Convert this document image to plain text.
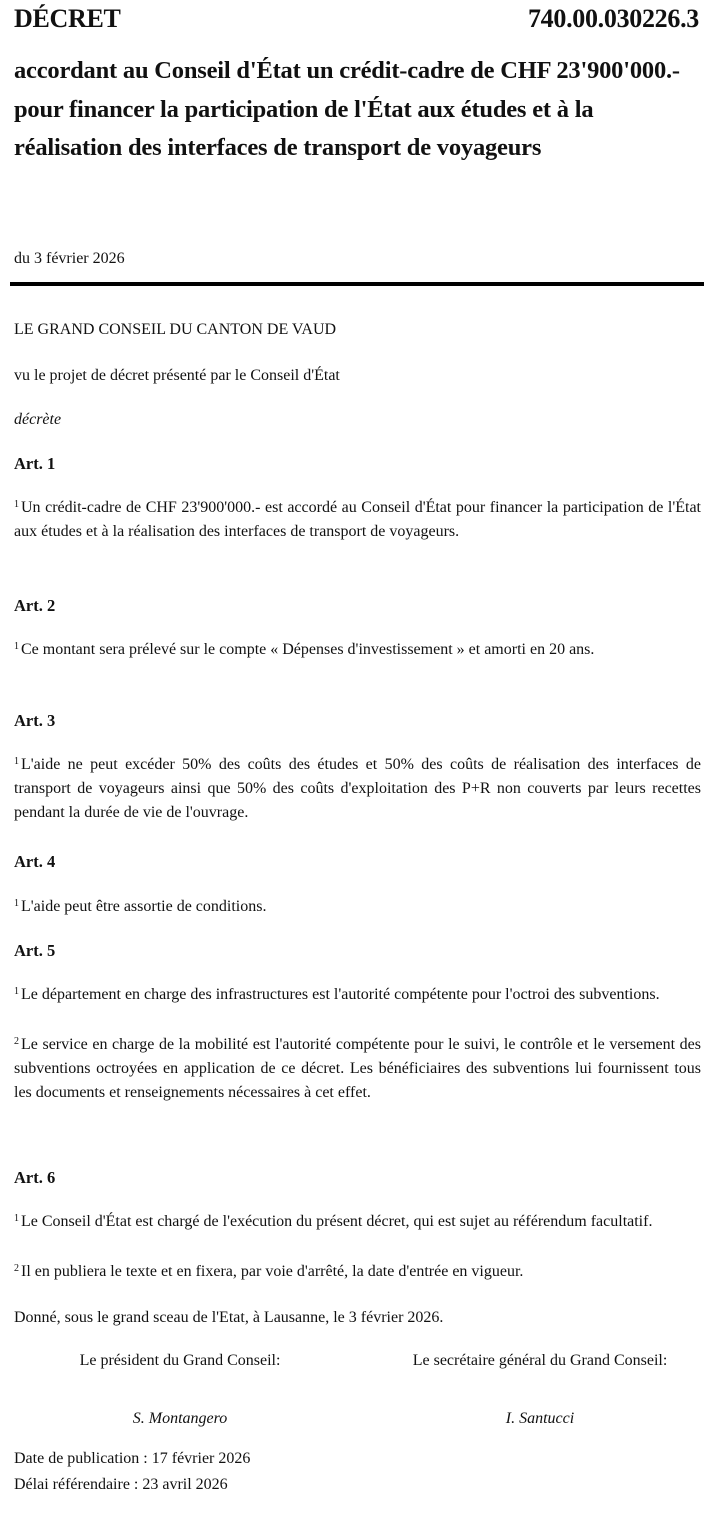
DÉCRET	740.00.030226.3
accordant au Conseil d'État un crédit-cadre de CHF 23'900'000.- pour financer la participation de l'État aux études et à la réalisation des interfaces de transport de voyageurs
du 3 février 2026
LE GRAND CONSEIL DU CANTON DE VAUD
vu le projet de décret présenté par le Conseil d'État
décrète
Art. 1
$^1$ Un crédit-cadre de CHF 23'900'000.- est accordé au Conseil d'État pour financer la participation de l'État aux études et à la réalisation des interfaces de transport de voyageurs.
Art. 2
$^1$ Ce montant sera prélevé sur le compte « Dépenses d'investissement » et amorti en 20 ans.
Art. 3
$^1$ L'aide ne peut excéder 50% des coûts des études et 50% des coûts de réalisation des interfaces de transport de voyageurs ainsi que 50% des coûts d'exploitation des P+R non couverts par leurs recettes pendant la durée de vie de l'ouvrage.
Art. 4
$^1$ L'aide peut être assortie de conditions.
Art. 5
$^1$ Le département en charge des infrastructures est l'autorité compétente pour l'octroi des subventions.
$^2$ Le service en charge de la mobilité est l'autorité compétente pour le suivi, le contrôle et le versement des subventions octroyées en application de ce décret. Les bénéficiaires des subventions lui fournissent tous les documents et renseignements nécessaires à cet effet.
Art. 6
$^1$ Le Conseil d'État est chargé de l'exécution du présent décret, qui est sujet au référendum facultatif.
$^2$ Il en publiera le texte et en fixera, par voie d'arrêté, la date d'entrée en vigueur.
Donné, sous le grand sceau de l'Etat, à Lausanne, le 3 février 2026.
Le président du Grand Conseil:
S. Montangero
Le secrétaire général du Grand Conseil:
I. Santucci
Date de publication : 17 février 2026
Délai référendaire : 23 avril 2026
